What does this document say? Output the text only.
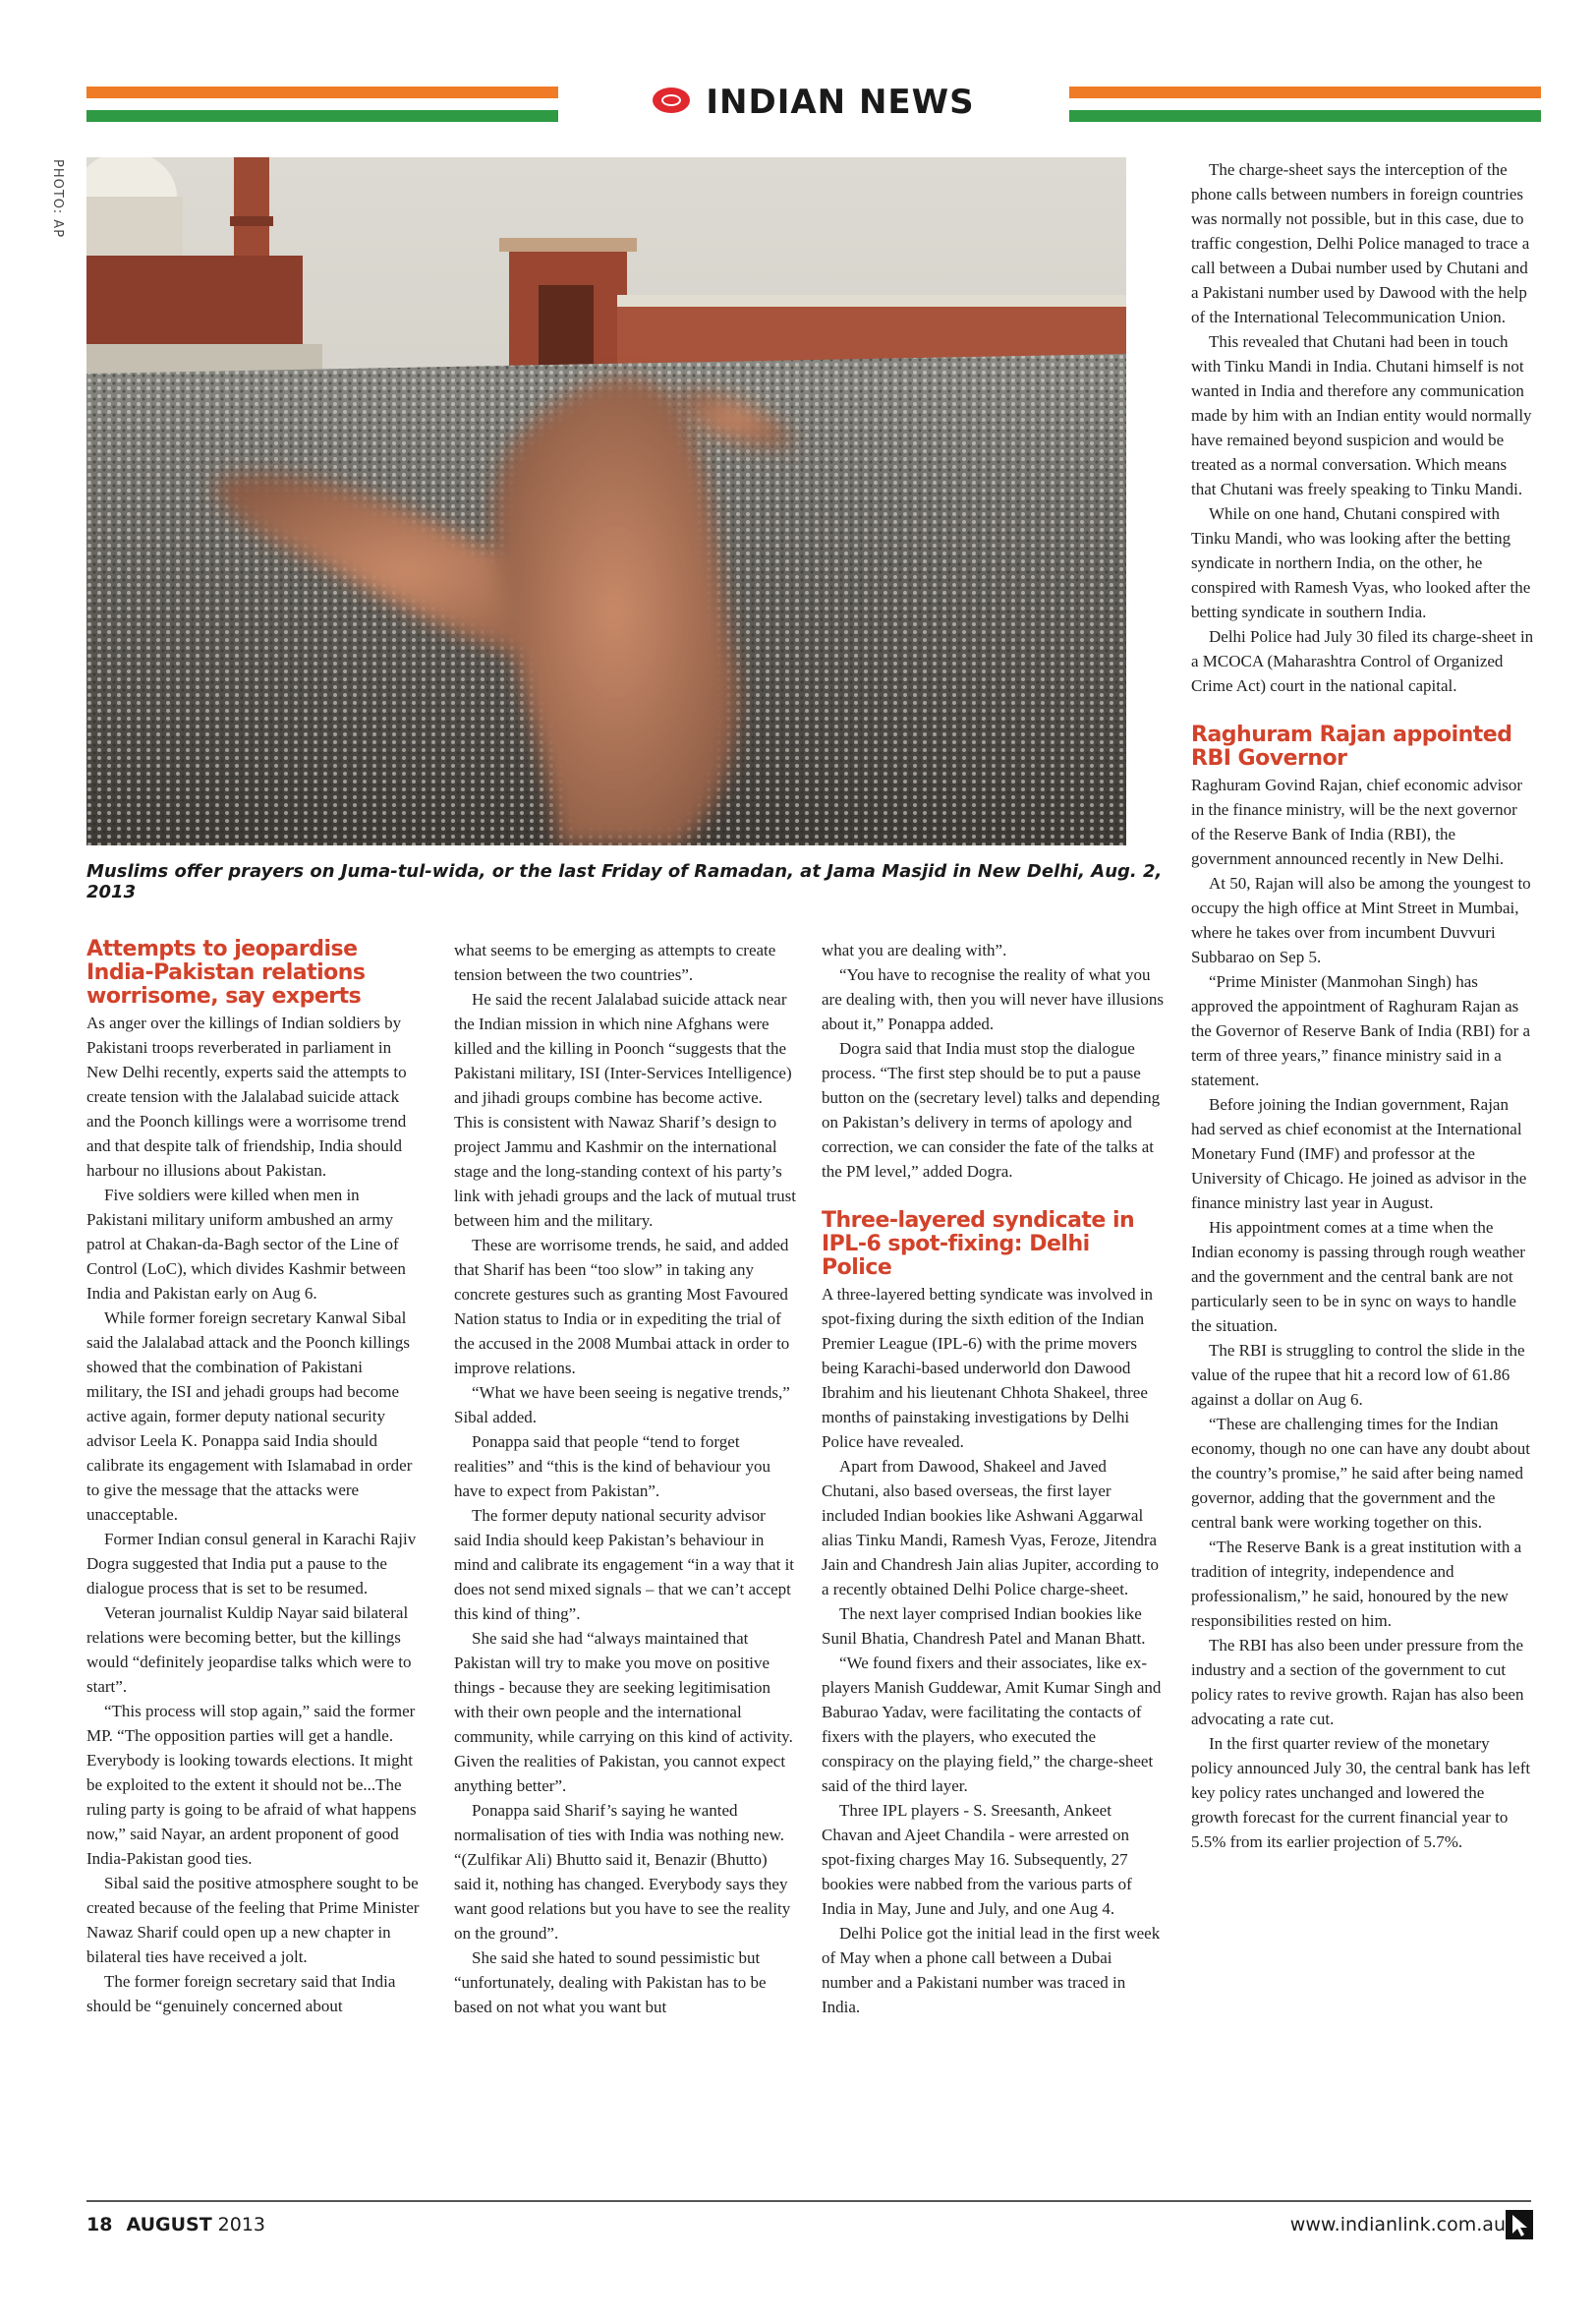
INDIAN NEWS
PHOTO: AP
Muslims offer prayers on Juma-tul-wida, or the last Friday of Ramadan, at Jama Masjid in New Delhi, Aug. 2, 2013
Attempts to jeopardise India-Pakistan relations worrisome, say experts

As anger over the killings of Indian soldiers by Pakistani troops reverberated in parliament in New Delhi recently, experts said the attempts to create tension with the Jalalabad suicide attack and the Poonch killings were a worrisome trend and that despite talk of friendship, India should harbour no illusions about Pakistan.

Five soldiers were killed when men in Pakistani military uniform ambushed an army patrol at Chakan-da-Bagh sector of the Line of Control (LoC), which divides Kashmir between India and Pakistan early on Aug 6.

While former foreign secretary Kanwal Sibal said the Jalalabad attack and the Poonch killings showed that the combination of Pakistani military, the ISI and jehadi groups had become active again, former deputy national security advisor Leela K. Ponappa said India should calibrate its engagement with Islamabad in order to give the message that the attacks were unacceptable.

Former Indian consul general in Karachi Rajiv Dogra suggested that India put a pause to the dialogue process that is set to be resumed.

Veteran journalist Kuldip Nayar said bilateral relations were becoming better, but the killings would “definitely jeopardise talks which were to start”.

“This process will stop again,” said the former MP. “The opposition parties will get a handle. Everybody is looking towards elections. It might be exploited to the extent it should not be...The ruling party is going to be afraid of what happens now,” said Nayar, an ardent proponent of good India-Pakistan good ties.

Sibal said the positive atmosphere sought to be created because of the feeling that Prime Minister Nawaz Sharif could open up a new chapter in bilateral ties have received a jolt.

The former foreign secretary said that India should be “genuinely concerned about

what seems to be emerging as attempts to create tension between the two countries”.

He said the recent Jalalabad suicide attack near the Indian mission in which nine Afghans were killed and the killing in Poonch “suggests that the Pakistani military, ISI (Inter-Services Intelligence) and jihadi groups combine has become active. This is consistent with Nawaz Sharif’s design to project Jammu and Kashmir on the international stage and the long-standing context of his party’s link with jehadi groups and the lack of mutual trust between him and the military.

These are worrisome trends, he said, and added that Sharif has been “too slow” in taking any concrete gestures such as granting Most Favoured Nation status to India or in expediting the trial of the accused in the 2008 Mumbai attack in order to improve relations.

“What we have been seeing is negative trends,” Sibal added.

Ponappa said that people “tend to forget realities” and “this is the kind of behaviour you have to expect from Pakistan”.

The former deputy national security advisor said India should keep Pakistan’s behaviour in mind and calibrate its engagement “in a way that it does not send mixed signals – that we can’t accept this kind of thing”.

She said she had “always maintained that Pakistan will try to make you move on positive things - because they are seeking legitimisation with their own people and the international community, while carrying on this kind of activity. Given the realities of Pakistan, you cannot expect anything better”.

Ponappa said Sharif’s saying he wanted normalisation of ties with India was nothing new. “(Zulfikar Ali) Bhutto said it, Benazir (Bhutto) said it, nothing has changed. Everybody says they want good relations but you have to see the reality on the ground”.

She said she hated to sound pessimistic but “unfortunately, dealing with Pakistan has to be based on not what you want but

what you are dealing with”.

“You have to recognise the reality of what you are dealing with, then you will never have illusions about it,” Ponappa added.

Dogra said that India must stop the dialogue process. “The first step should be to put a pause button on the (secretary level) talks and depending on Pakistan’s delivery in terms of apology and correction, we can consider the fate of the talks at the PM level,” added Dogra.

Three-layered syndicate in IPL-6 spot-fixing: Delhi Police

A three-layered betting syndicate was involved in spot-fixing during the sixth edition of the Indian Premier League (IPL-6) with the prime movers being Karachi-based underworld don Dawood Ibrahim and his lieutenant Chhota Shakeel, three months of painstaking investigations by Delhi Police have revealed.

Apart from Dawood, Shakeel and Javed Chutani, also based overseas, the first layer included Indian bookies like Ashwani Aggarwal alias Tinku Mandi, Ramesh Vyas, Feroze, Jitendra Jain and Chandresh Jain alias Jupiter, according to a recently obtained Delhi Police charge-sheet.

The next layer comprised Indian bookies like Sunil Bhatia, Chandresh Patel and Manan Bhatt.

“We found fixers and their associates, like ex-players Manish Guddewar, Amit Kumar Singh and Baburao Yadav, were facilitating the contacts of fixers with the players, who executed the conspiracy on the playing field,” the charge-sheet said of the third layer.

Three IPL players - S. Sreesanth, Ankeet Chavan and Ajeet Chandila - were arrested on spot-fixing charges May 16. Subsequently, 27 bookies were nabbed from the various parts of India in May, June and July, and one Aug 4.

Delhi Police got the initial lead in the first week of May when a phone call between a Dubai number and a Pakistani number was traced in India.

The charge-sheet says the interception of the phone calls between numbers in foreign countries was normally not possible, but in this case, due to traffic congestion, Delhi Police managed to trace a call between a Dubai number used by Chutani and a Pakistani number used by Dawood with the help of the International Telecommunication Union.

This revealed that Chutani had been in touch with Tinku Mandi in India. Chutani himself is not wanted in India and therefore any communication made by him with an Indian entity would normally have remained beyond suspicion and would be treated as a normal conversation. Which means that Chutani was freely speaking to Tinku Mandi.

While on one hand, Chutani conspired with Tinku Mandi, who was looking after the betting syndicate in northern India, on the other, he conspired with Ramesh Vyas, who looked after the betting syndicate in southern India.

Delhi Police had July 30 filed its charge-sheet in a MCOCA (Maharashtra Control of Organized Crime Act) court in the national capital.

Raghuram Rajan appointed RBI Governor

Raghuram Govind Rajan, chief economic advisor in the finance ministry, will be the next governor of the Reserve Bank of India (RBI), the government announced recently in New Delhi.

At 50, Rajan will also be among the youngest to occupy the high office at Mint Street in Mumbai, where he takes over from incumbent Duvvuri Subbarao on Sep 5.

“Prime Minister (Manmohan Singh) has approved the appointment of Raghuram Rajan as the Governor of Reserve Bank of India (RBI) for a term of three years,” finance ministry said in a statement.

Before joining the Indian government, Rajan had served as chief economist at the International Monetary Fund (IMF) and professor at the University of Chicago. He joined as advisor in the finance ministry last year in August.

His appointment comes at a time when the Indian economy is passing through rough weather and the government and the central bank are not particularly seen to be in sync on ways to handle the situation.

The RBI is struggling to control the slide in the value of the rupee that hit a record low of 61.86 against a dollar on Aug 6.

“These are challenging times for the Indian economy, though no one can have any doubt about the country’s promise,” he said after being named governor, adding that the government and the central bank were working together on this.

“The Reserve Bank is a great institution with a tradition of integrity, independence and professionalism,” he said, honoured by the new responsibilities rested on him.

The RBI has also been under pressure from the industry and a section of the government to cut policy rates to revive growth. Rajan has also been advocating a rate cut.

In the first quarter review of the monetary policy announced July 30, the central bank has left key policy rates unchanged and lowered the growth forecast for the current financial year to 5.5% from its earlier projection of 5.7%.

18 AUGUST 2013	www.indianlink.com.au
